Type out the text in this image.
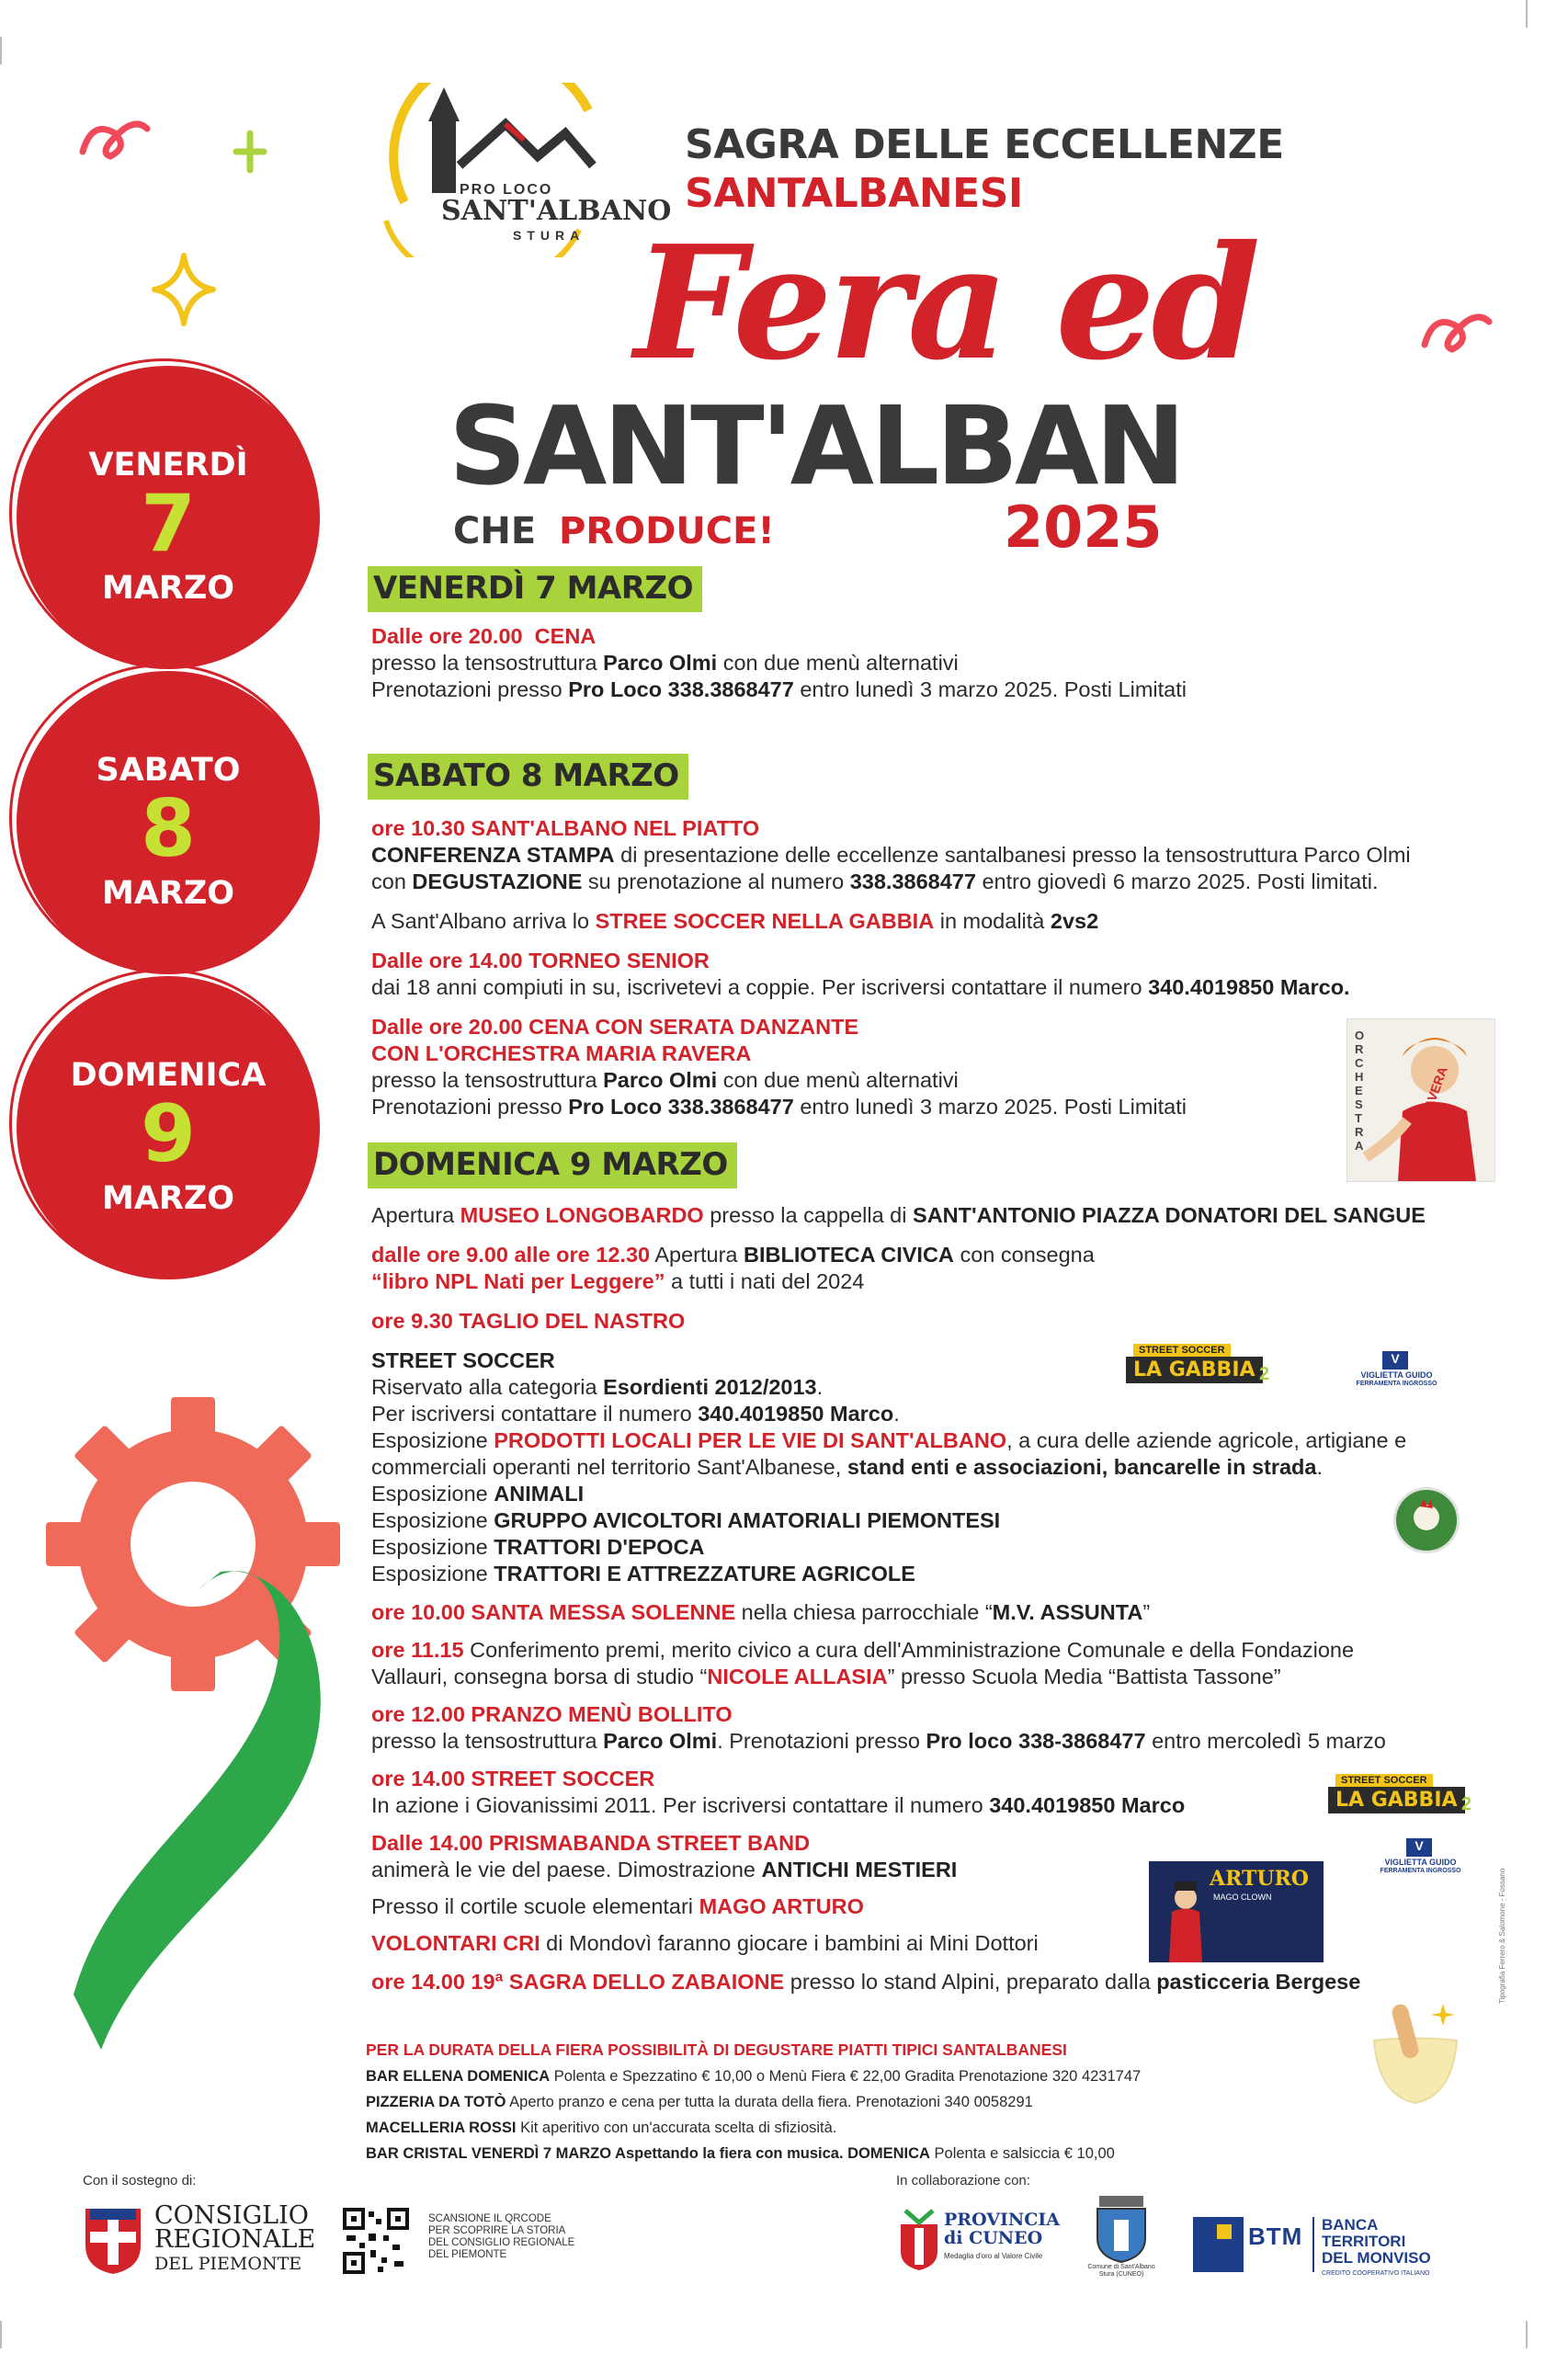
PRO LOCO
SANT'ALBANO
STURA
SAGRA DELLE ECCELLENZE
SANTALBANESI
Fera ed
SANT'ALBAN
2025
CHE PRODUCE!
VENERDÌ
7
MARZO
SABATO
8
MARZO
DOMENICA
9
MARZO
VENERDÌ 7 MARZO
Dalle ore 20.00 CENA
presso la tensostruttura Parco Olmi con due menù alternativi
Prenotazioni presso Pro Loco 338.3868477 entro lunedì 3 marzo 2025. Posti Limitati
SABATO 8 MARZO
ore 10.30 SANT'ALBANO NEL PIATTO
CONFERENZA STAMPA di presentazione delle eccellenze santalbanesi presso la tensostruttura Parco Olmi
con DEGUSTAZIONE su prenotazione al numero 338.3868477 entro giovedì 6 marzo 2025. Posti limitati.
A Sant'Albano arriva lo STREE SOCCER NELLA GABBIA in modalità 2vs2
Dalle ore 14.00 TORNEO SENIOR
dai 18 anni compiuti in su, iscrivetevi a coppie. Per iscriversi contattare il numero 340.4019850 Marco.
Dalle ore 20.00 CENA CON SERATA DANZANTE
CON L'ORCHESTRA MARIA RAVERA
presso la tensostruttura Parco Olmi con due menù alternativi
Prenotazioni presso Pro Loco 338.3868477 entro lunedì 3 marzo 2025. Posti Limitati
ORCHESTRA	MARIA RAVERA
DOMENICA 9 MARZO
Apertura MUSEO LONGOBARDO presso la cappella di SANT'ANTONIO PIAZZA DONATORI DEL SANGUE
dalle ore 9.00 alle ore 12.30 Apertura BIBLIOTECA CIVICA con consegna
“libro NPL Nati per Leggere” a tutti i nati del 2024
ore 9.30 TAGLIO DEL NASTRO
STREET SOCCER
Riservato alla categoria Esordienti 2012/2013.
Per iscriversi contattare il numero 340.4019850 Marco.
Esposizione PRODOTTI LOCALI PER LE VIE DI SANT'ALBANO, a cura delle aziende agricole, artigiane e
commerciali operanti nel territorio Sant'Albanese, stand enti e associazioni, bancarelle in strada.
Esposizione ANIMALI
Esposizione GRUPPO AVICOLTORI AMATORIALI PIEMONTESI
Esposizione TRATTORI D'EPOCA
Esposizione TRATTORI E ATTREZZATURE AGRICOLE
ore 10.00 SANTA MESSA SOLENNE nella chiesa parrocchiale “M.V. ASSUNTA”
ore 11.15 Conferimento premi, merito civico a cura dell'Amministrazione Comunale e della Fondazione
Vallauri, consegna borsa di studio “NICOLE ALLASIA” presso Scuola Media “Battista Tassone”
ore 12.00 PRANZO MENÙ BOLLITO
presso la tensostruttura Parco Olmi. Prenotazioni presso Pro loco 338-3868477 entro mercoledì 5 marzo
ore 14.00 STREET SOCCER
In azione i Giovanissimi 2011. Per iscriversi contattare il numero 340.4019850 Marco
Dalle 14.00 PRISMABANDA STREET BAND
animerà le vie del paese. Dimostrazione ANTICHI MESTIERI
Presso il cortile scuole elementari MAGO ARTURO
VOLONTARI CRI di Mondovì faranno giocare i bambini ai Mini Dottori
ore 14.00 19ª SAGRA DELLO ZABAIONE presso lo stand Alpini, preparato dalla pasticceria Bergese
STREET SOCCER
LA GABBIA 2
STREET SOCCER
LA GABBIA 2
V
VIGLIETTA GUIDO
FERRAMENTA INGROSSO
V
VIGLIETTA GUIDO
FERRAMENTA INGROSSO
ARTURO
MAGO CLOWN	Tipografia Ferrero & Salomone - Fossano
PER LA DURATA DELLA FIERA POSSIBILITÀ DI DEGUSTARE PIATTI TIPICI SANTALBANESI
BAR ELLENA DOMENICA Polenta e Spezzatino € 10,00 o Menù Fiera € 22,00 Gradita Prenotazione 320 4231747
PIZZERIA DA TOTÒ Aperto pranzo e cena per tutta la durata della fiera. Prenotazioni 340 0058291
MACELLERIA ROSSI Kit aperitivo con un'accurata scelta di sfiziosità.
BAR CRISTAL VENERDÌ 7 MARZO Aspettando la fiera con musica. DOMENICA Polenta e salsiccia € 10,00
Con il sostegno di:
CONSIGLIO
REGIONALE
DEL PIEMONTE
SCANSIONE IL QRCODE PER SCOPRIRE LA STORIA DEL CONSIGLIO REGIONALE DEL PIEMONTE
In collaborazione con:
PROVINCIA
di CUNEO
Medaglia d'oro al Valore Civile
Comune di Sant'Albano Stura (CUNEO)
BTM BANCA
TERRITORI
DEL MONVISO
CREDITO COOPERATIVO ITALIANO
